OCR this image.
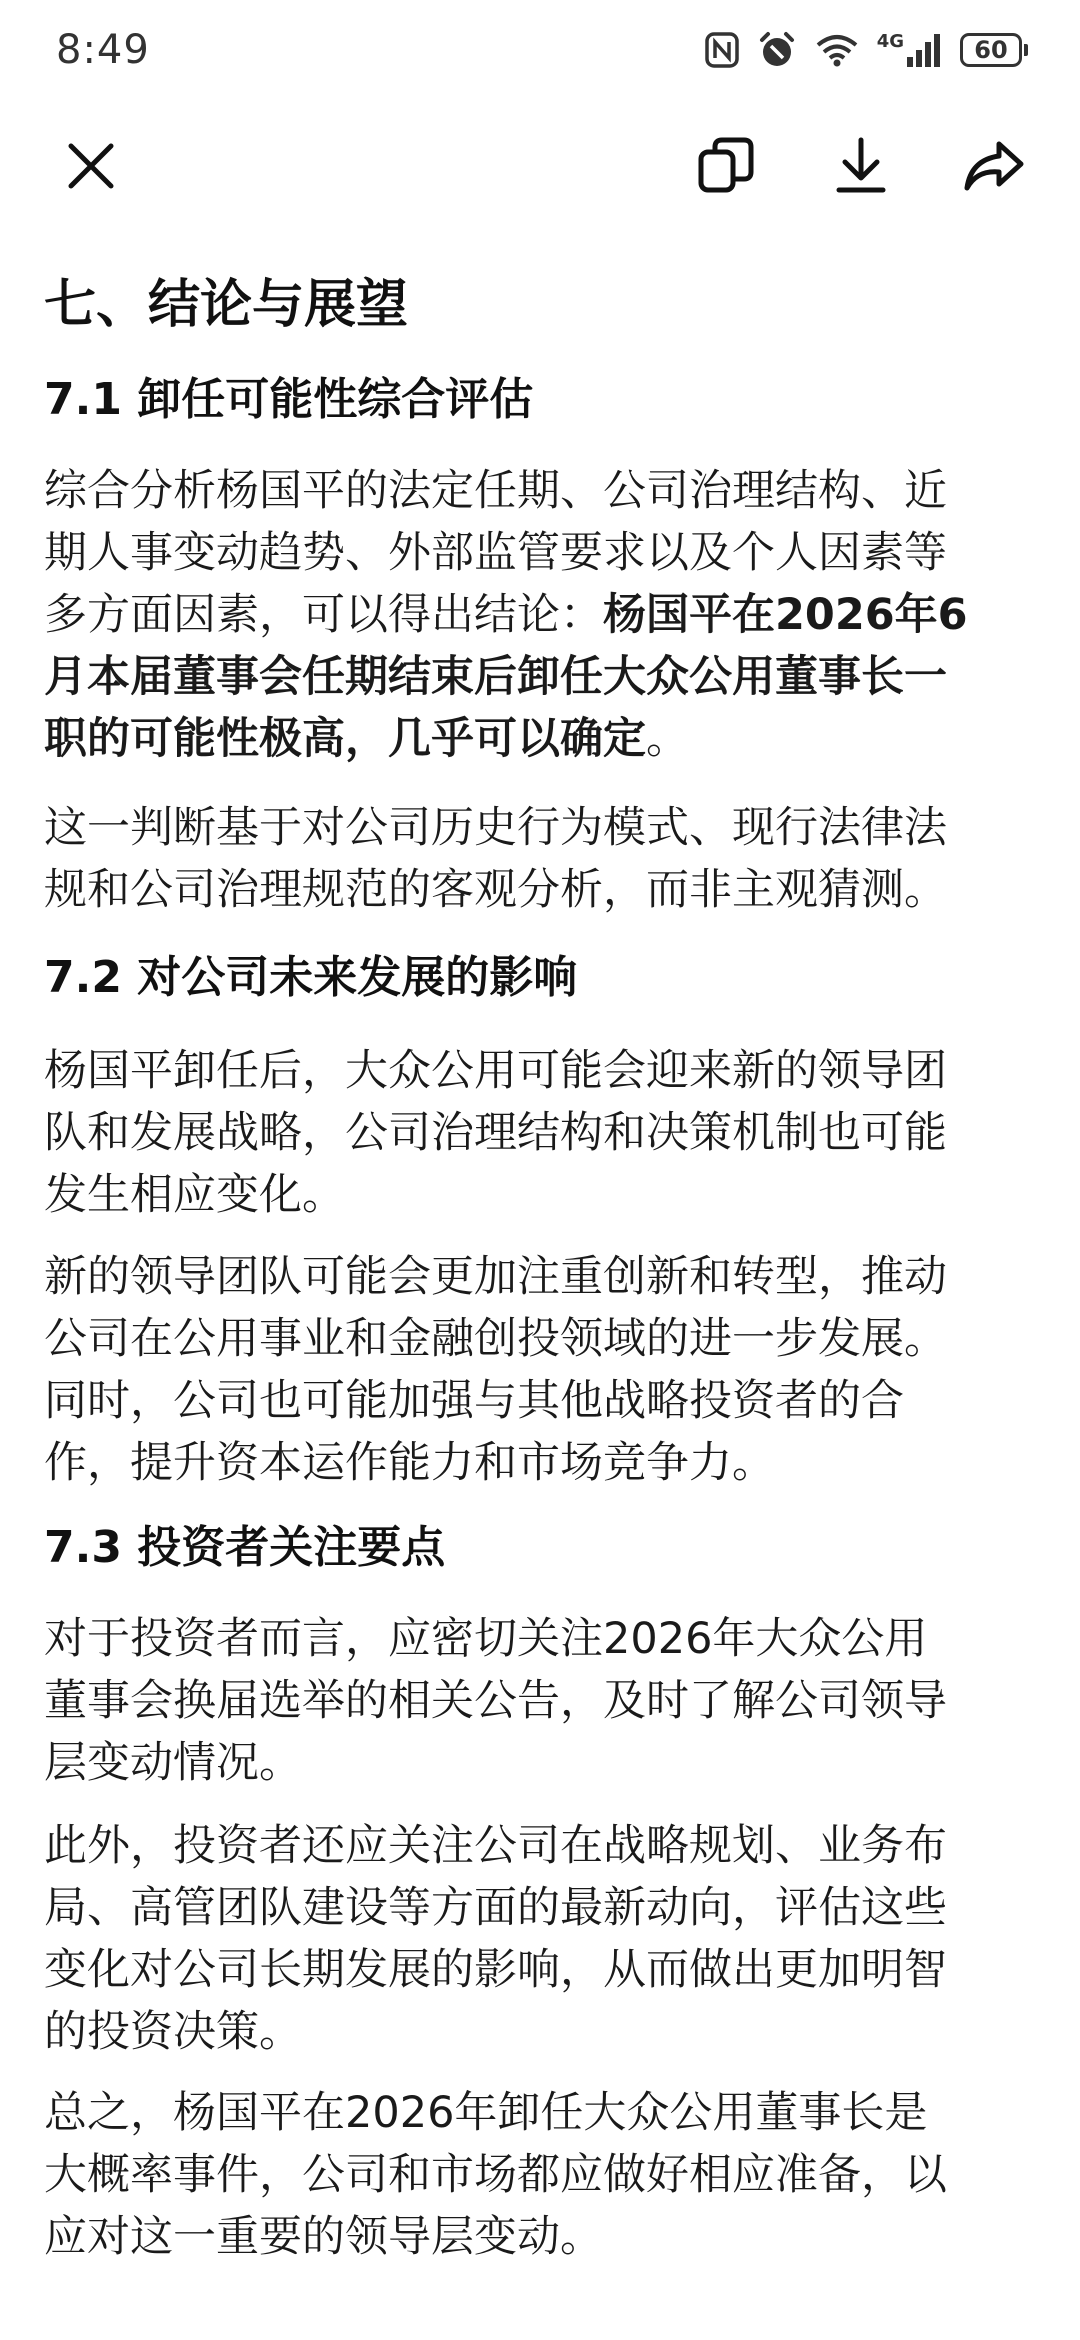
8:49	4G	60
七、结论与展望
7.1 卸任可能性综合评估

综合分析杨国平的法定任期、公司治理结构、近
期人事变动趋势、外部监管要求以及个人因素等
多方面因素，可以得出结论：杨国平在2026年6
月本届董事会任期结束后卸任大众公用董事长一
职的可能性极高，几乎可以确定。

这一判断基于对公司历史行为模式、现行法律法
规和公司治理规范的客观分析，而非主观猜测。

7.2 对公司未来发展的影响

杨国平卸任后，大众公用可能会迎来新的领导团
队和发展战略，公司治理结构和决策机制也可能
发生相应变化。

新的领导团队可能会更加注重创新和转型，推动
公司在公用事业和金融创投领域的进一步发展。
同时，公司也可能加强与其他战略投资者的合
作，提升资本运作能力和市场竞争力。

7.3 投资者关注要点

对于投资者而言，应密切关注2026年大众公用
董事会换届选举的相关公告，及时了解公司领导
层变动情况。

此外，投资者还应关注公司在战略规划、业务布
局、高管团队建设等方面的最新动向，评估这些
变化对公司长期发展的影响，从而做出更加明智
的投资决策。

总之，杨国平在2026年卸任大众公用董事长是
大概率事件，公司和市场都应做好相应准备，以
应对这一重要的领导层变动。
